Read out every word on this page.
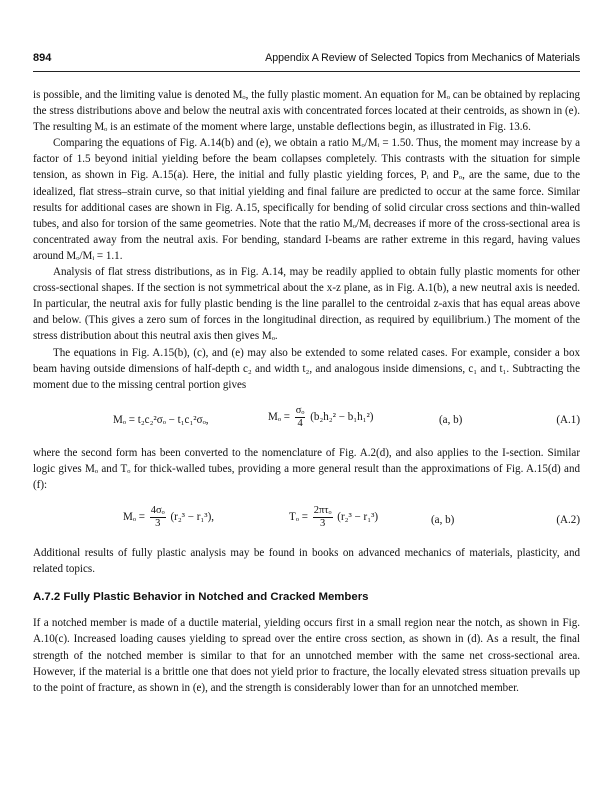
894	Appendix A Review of Selected Topics from Mechanics of Materials

is possible, and the limiting value is denoted Mₒ, the fully plastic moment. An equation for Mₒ can be obtained by replacing the stress distributions above and below the neutral axis with concentrated forces located at their centroids, as shown in (e). The resulting Mₒ is an estimate of the moment where large, unstable deflections begin, as illustrated in Fig. 13.6.

Comparing the equations of Fig. A.14(b) and (e), we obtain a ratio Mₒ/Mᵢ = 1.50. Thus, the moment may increase by a factor of 1.5 beyond initial yielding before the beam collapses completely. This contrasts with the situation for simple tension, as shown in Fig. A.15(a). Here, the initial and fully plastic yielding forces, Pᵢ and Pₒ, are the same, due to the idealized, flat stress–strain curve, so that initial yielding and final failure are predicted to occur at the same force. Similar results for additional cases are shown in Fig. A.15, specifically for bending of solid circular cross sections and thin-walled tubes, and also for torsion of the same geometries. Note that the ratio Mₒ/Mᵢ decreases if more of the cross-sectional area is concentrated away from the neutral axis. For bending, standard I-beams are rather extreme in this regard, having values around Mₒ/Mᵢ = 1.1.

Analysis of flat stress distributions, as in Fig. A.14, may be readily applied to obtain fully plastic moments for other cross-sectional shapes. If the section is not symmetrical about the x-z plane, as in Fig. A.1(b), a new neutral axis is needed. In particular, the neutral axis for fully plastic bending is the line parallel to the centroidal z-axis that has equal areas above and below. (This gives a zero sum of forces in the longitudinal direction, as required by equilibrium.) The moment of the stress distribution about this neutral axis then gives Mₒ.

The equations in Fig. A.15(b), (c), and (e) may also be extended to some related cases. For example, consider a box beam having outside dimensions of half-depth c₂ and width t₂, and analogous inside dimensions, c₁ and t₁. Subtracting the moment due to the missing central portion gives

Mₒ = t₂c₂²σₒ − t₁c₁²σₒ,	$M_o = \frac{\text{σₒ}}{4} (b_2h_2^2 - b_1h_1^2)$	(a, b)	(A.1)

where the second form has been converted to the nomenclature of Fig. A.2(d), and also applies to the I-section. Similar logic gives Mₒ and Tₒ for thick-walled tubes, providing a more general result than the approximations of Fig. A.15(d) and (f):

$M_o = \frac{\text{4σₒ}}{3} (r_2^3 - r_1^3)$,	$T_o = \frac{\text{2πτₒ}}{3} (r_2^3 - r_1^3)$	(a, b)	(A.2)

Additional results of fully plastic analysis may be found in books on advanced mechanics of materials, plasticity, and related topics.

A.7.2 Fully Plastic Behavior in Notched and Cracked Members

If a notched member is made of a ductile material, yielding occurs first in a small region near the notch, as shown in Fig. A.10(c). Increased loading causes yielding to spread over the entire cross section, as shown in (d). As a result, the final strength of the notched member is similar to that for an unnotched member with the same net cross-sectional area. However, if the material is a brittle one that does not yield prior to fracture, the locally elevated stress situation prevails up to the point of fracture, as shown in (e), and the strength is considerably lower than for an unnotched member.
